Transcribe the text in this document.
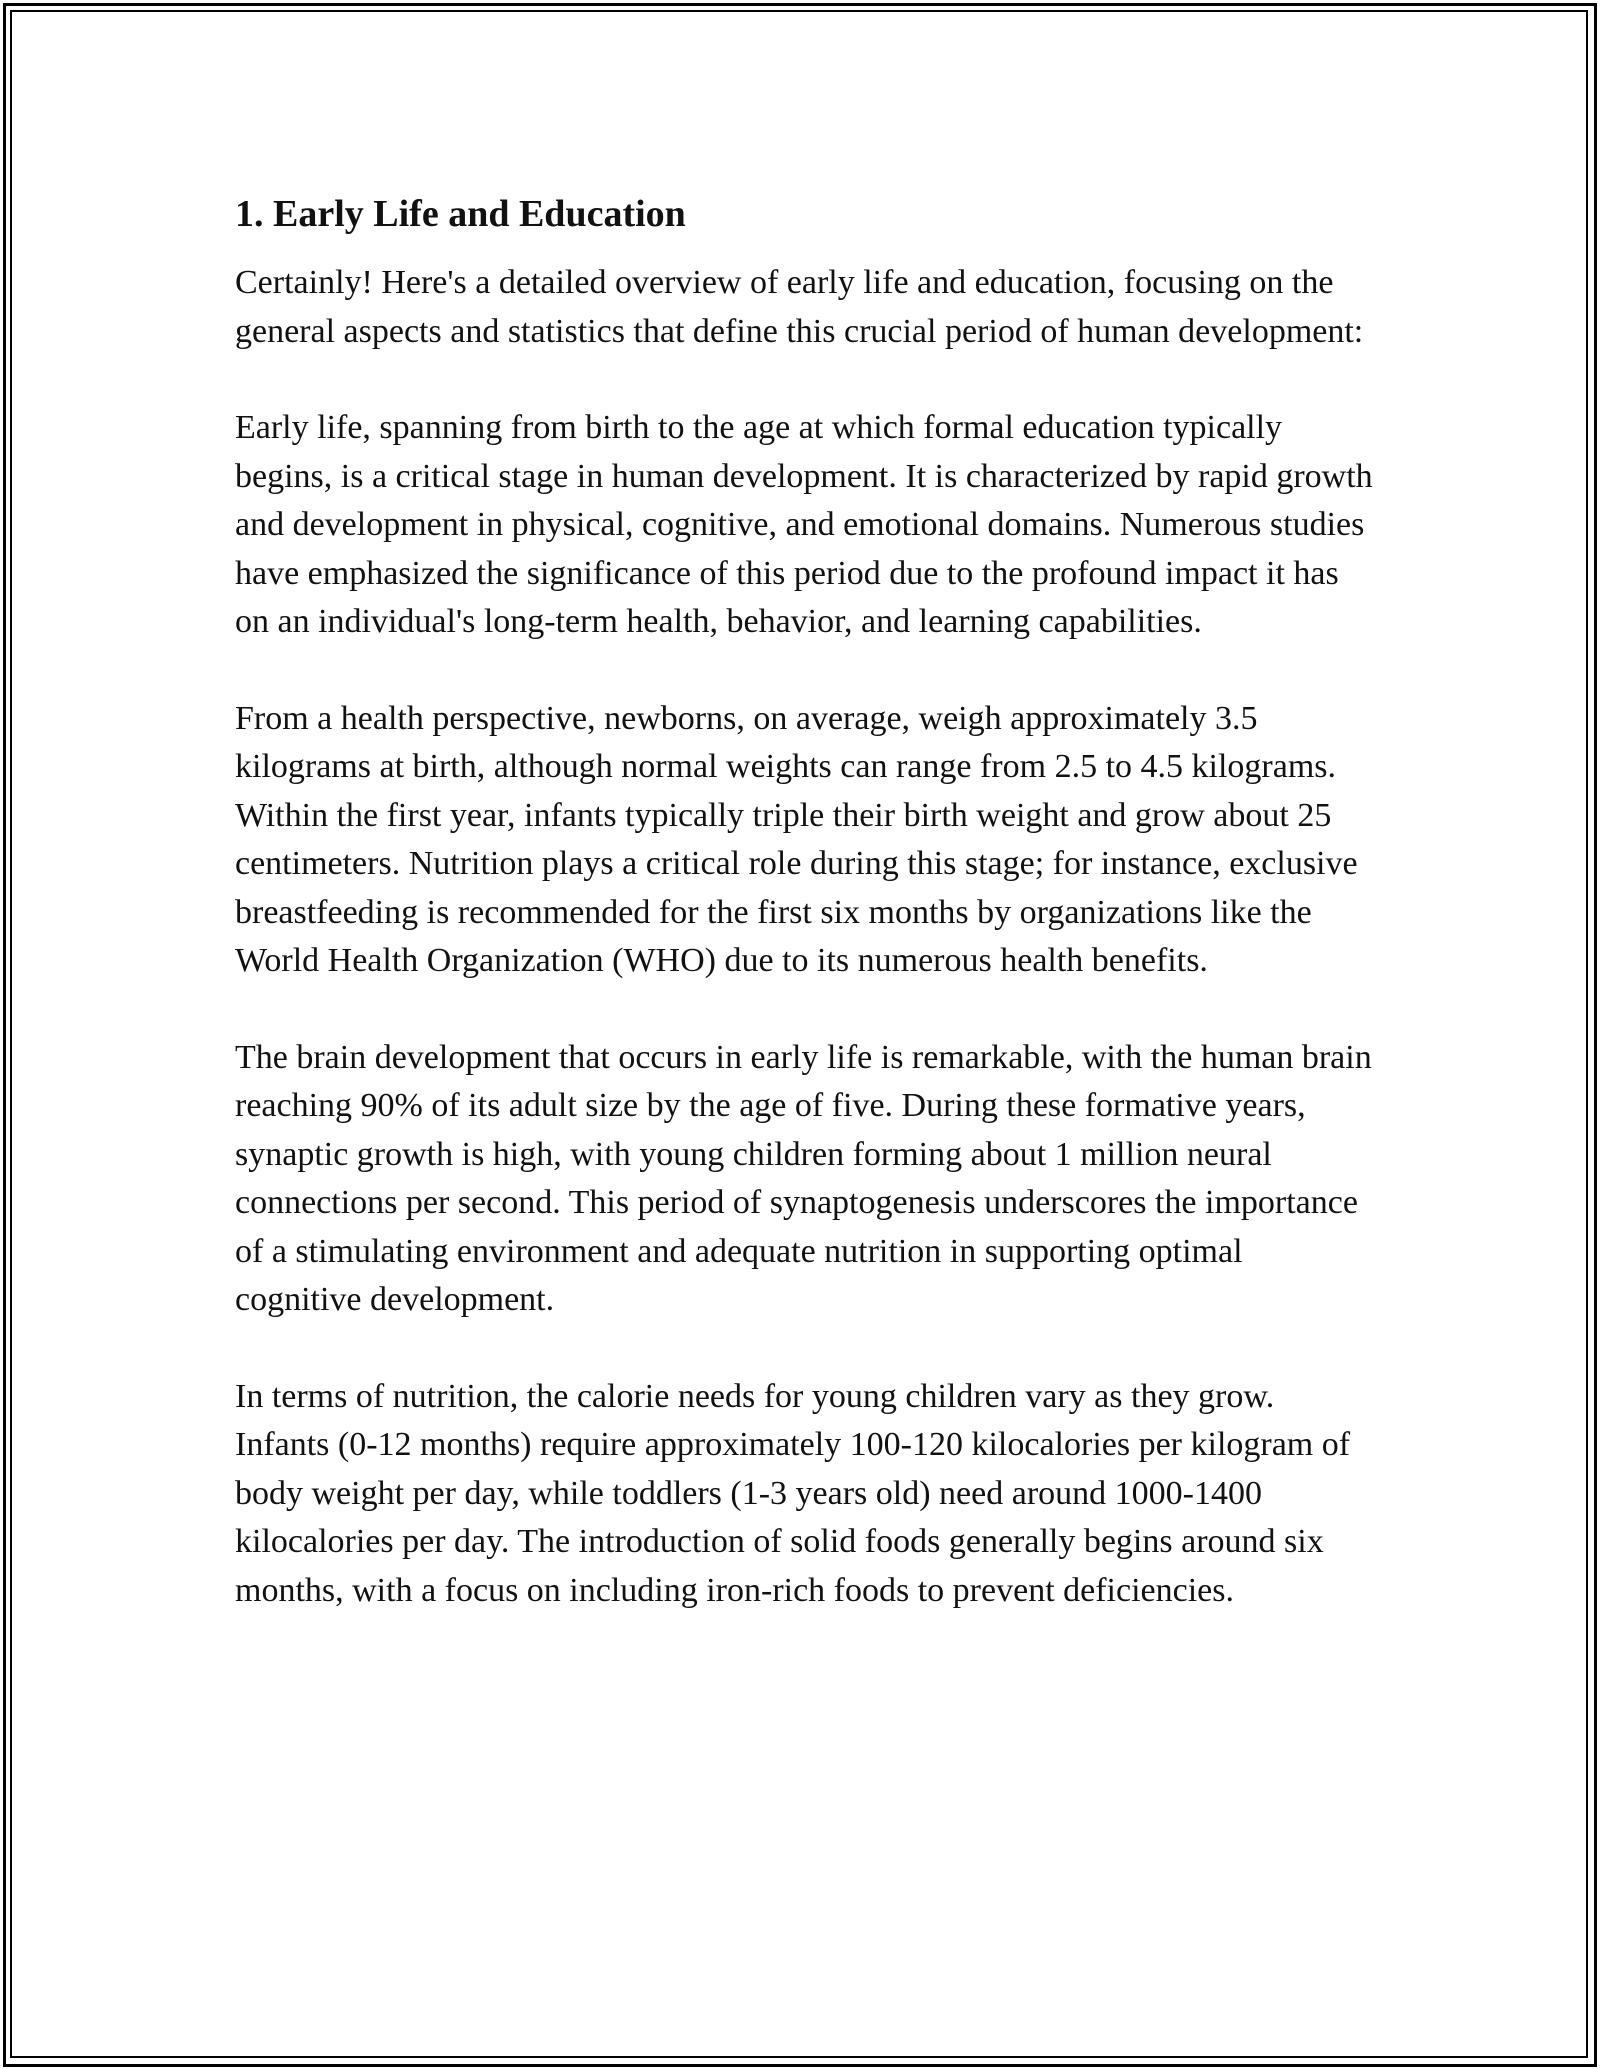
1. Early Life and Education

Certainly! Here's a detailed overview of early life and education, focusing on the general aspects and statistics that define this crucial period of human development:

Early life, spanning from birth to the age at which formal education typically begins, is a critical stage in human development. It is characterized by rapid growth and development in physical, cognitive, and emotional domains. Numerous studies have emphasized the significance of this period due to the profound impact it has on an individual's long-term health, behavior, and learning capabilities.

From a health perspective, newborns, on average, weigh approximately 3.5 kilograms at birth, although normal weights can range from 2.5 to 4.5 kilograms. Within the first year, infants typically triple their birth weight and grow about 25 centimeters. Nutrition plays a critical role during this stage; for instance, exclusive breastfeeding is recommended for the first six months by organizations like the World Health Organization (WHO) due to its numerous health benefits.

The brain development that occurs in early life is remarkable, with the human brain reaching 90% of its adult size by the age of five. During these formative years, synaptic growth is high, with young children forming about 1 million neural connections per second. This period of synaptogenesis underscores the importance of a stimulating environment and adequate nutrition in supporting optimal cognitive development.

In terms of nutrition, the calorie needs for young children vary as they grow. Infants (0-12 months) require approximately 100-120 kilocalories per kilogram of body weight per day, while toddlers (1-3 years old) need around 1000-1400 kilocalories per day. The introduction of solid foods generally begins around six months, with a focus on including iron-rich foods to prevent deficiencies.
